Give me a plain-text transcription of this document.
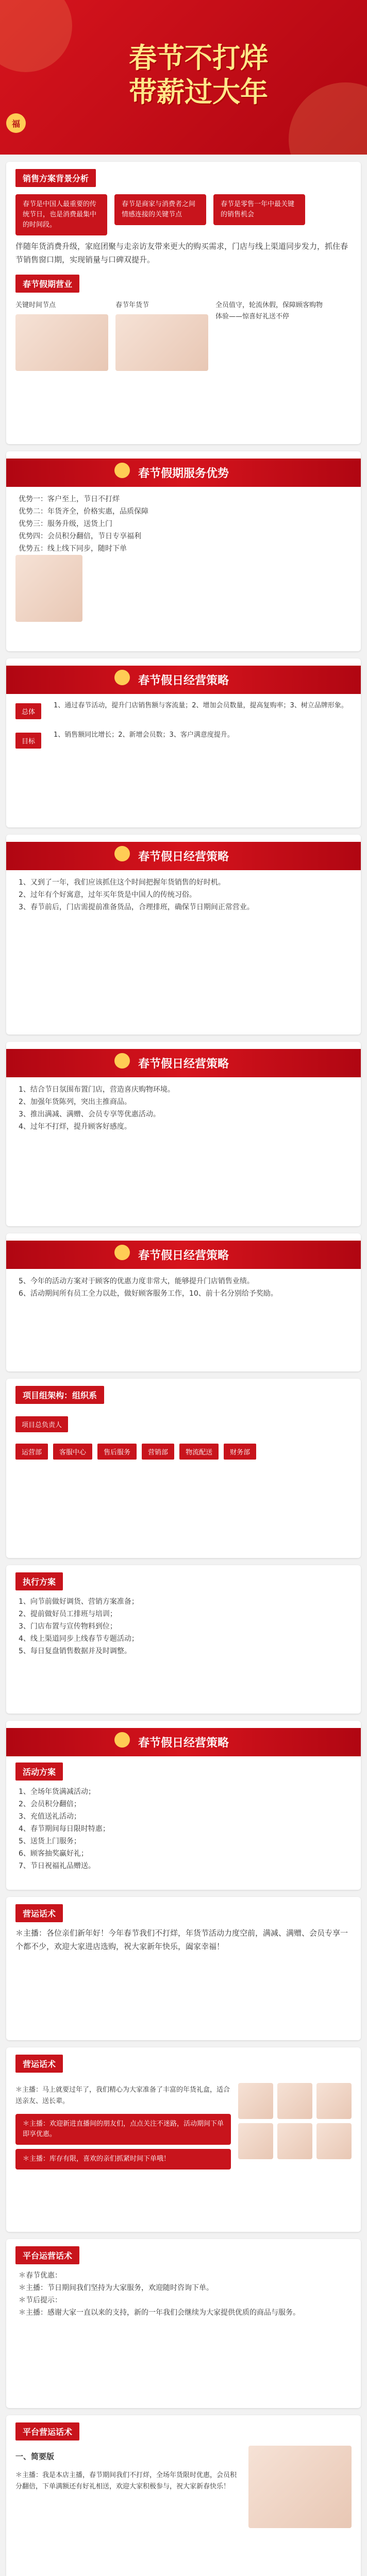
春节不打烊
带薪过大年
福
销售方案背景分析
春节是中国人最重要的传统节日，也是消费最集中的时间段。
春节是商家与消费者之间情感连接的关键节点
春节是零售一年中最关键的销售机会

伴随年货消费升级，家庭团聚与走亲访友带来更大的购买需求，门店与线上渠道同步发力，抓住春节销售窗口期，实现销量与口碑双提升。

春节假期营业
关键时间节点	春节年货节	全员值守，轮流休假，保障顾客购物体验——惊喜好礼送不停
春节假期服务优势
优势一：客户至上，节日不打烊
优势二：年货齐全，价格实惠，品质保障
优势三：服务升级，送货上门
优势四：会员积分翻倍，节日专享福利
优势五：线上线下同步，随时下单
春节假日经营策略
总体
1、通过春节活动，提升门店销售额与客流量；2、增加会员数量，提高复购率；3、树立品牌形象。
目标
1、销售额同比增长；2、新增会员数；3、客户满意度提升。
春节假日经营策略
1、又到了一年，我们应该抓住这个时间把握年货销售的好时机。
2、过年有个好寓意，过年买年货是中国人的传统习俗。
3、春节前后，门店需提前准备货品，合理排班，确保节日期间正常营业。
春节假日经营策略
1、结合节日氛围布置门店，营造喜庆购物环境。
2、加强年货陈列，突出主推商品。
3、推出满减、满赠、会员专享等优惠活动。
4、过年不打烊，提升顾客好感度。
春节假日经营策略
5、今年的活动方案对于顾客的优惠力度非常大，能够提升门店销售业绩。
6、活动期间所有员工全力以赴，做好顾客服务工作，10、前十名分别给予奖励。
项目组架构：组织系
项目总负责人
运营部	客服中心	售后服务	营销部	物流配送	财务部
执行方案
1、向节前做好调货、营销方案准备；
2、提前做好员工排班与培训；
3、门店布置与宣传物料到位；
4、线上渠道同步上线春节专题活动；
5、每日复盘销售数据并及时调整。
春节假日经营策略
活动方案
1、全场年货满减活动；
2、会员积分翻倍；
3、充值送礼活动；
4、春节期间每日限时特惠；
5、送货上门服务；
6、顾客抽奖赢好礼；
7、节日祝福礼品赠送。
营运话术

＊主播：各位亲们新年好！今年春节我们不打烊，年货节活动力度空前，满减、满赠、会员专享一个都不少，欢迎大家进店选购，祝大家新年快乐，阖家幸福！

营运话术

＊主播：马上就要过年了，我们精心为大家准备了丰富的年货礼盒，适合送亲友、送长辈。

＊主播：欢迎新进直播间的朋友们，点点关注不迷路，活动期间下单即享优惠。
＊主播：库存有限，喜欢的亲们抓紧时间下单哦！
平台运营话术
＊春节优惠：
＊主播：节日期间我们坚持为大家服务，欢迎随时咨询下单。
＊节后提示：
＊主播：感谢大家一直以来的支持，新的一年我们会继续为大家提供优质的商品与服务。
平台营运话术
一、简要版

＊主播：我是本店主播，春节期间我们不打烊，全场年货限时优惠，会员积分翻倍，下单满额还有好礼相送，欢迎大家积极参与，祝大家新春快乐！
